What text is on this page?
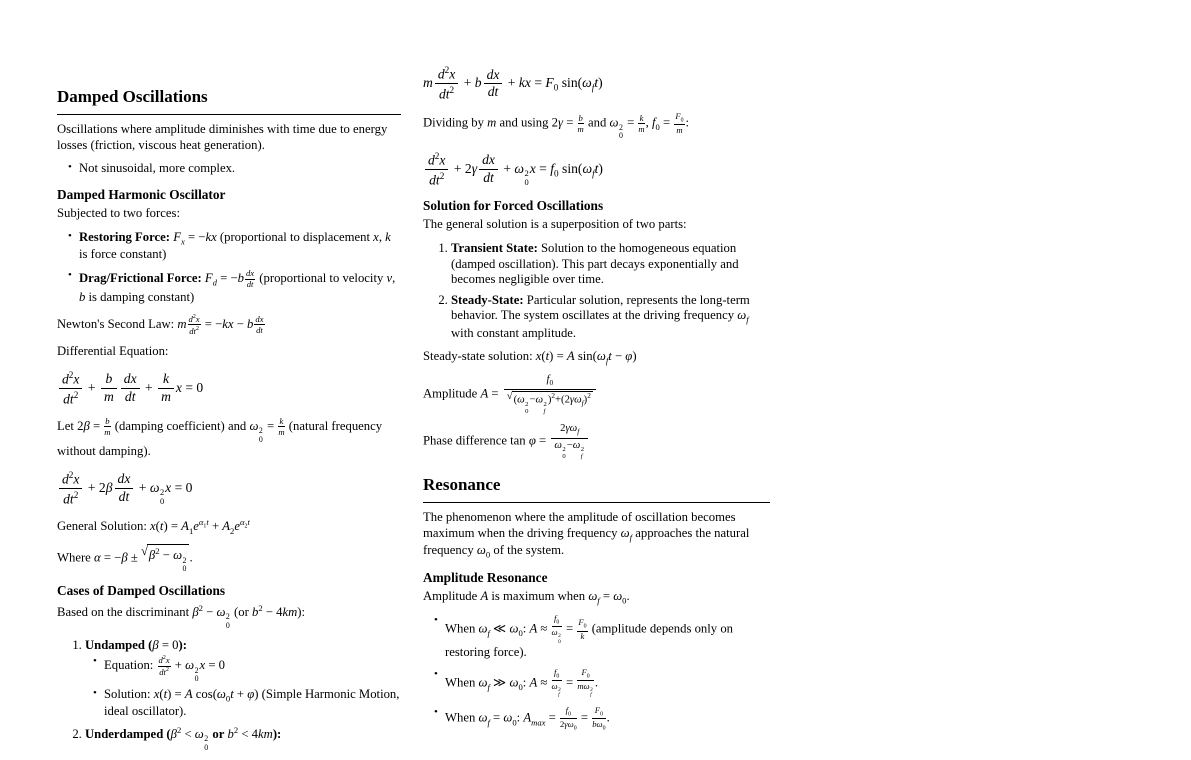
Damped Oscillations

Oscillations where amplitude diminishes with time due to energy losses (friction, viscous heat generation).

• Not sinusoidal, more complex.
Damped Harmonic Oscillator

Subjected to two forces:

• Restoring Force: $F_x = -kx$ (proportional to displacement x, k is force constant)
• Drag/Frictional Force: $F_d = -b \frac{dx}{dt}$ (proportional to velocity v, b is damping constant)

Newton's Second Law: m $\frac{d^2x}{dt^2} = -kx - b \frac{dx}{dt}$

Differential Equation:

$\frac{d^2x}{dt^2} + \frac{b}{m} \frac{dx}{dt} + \frac{k}{m}$ x = 0

Let $2\beta = \frac{b}{m}$ (damping coefficient) and ω 2
0
= $\frac{k}{m}$ (natural frequency without damping).

$\frac{d^2x}{dt^2} + 2\beta \frac{dx}{dt} + \omega$ 2
0
x = 0

General Solution: $x(t) = A_1e^{\alpha_1t} + A_2e^{\alpha_2t}$

Where α = −β ± √ $\beta^2 - \omega$ 2
0
.

Cases of Damped Oscillations

Based on the discriminant $\beta^2 - \omega$ 2
0
(or $b^2 - 4km$):

1. Undamped (β = 0):
• Equation: $\frac{d^2x}{dt^2} + \omega$ 2
0
x = 0
• Solution: x(t) = A $\cos(\omega_0t + \varphi)$ (Simple Harmonic Motion, ideal oscillator).
2. Underdamped ($\beta^2 < \omega$ 2
0
or $b^2 < 4km$):
m $\frac{d^2x}{dt^2} + b \frac{dx}{dt}$ + kx = $F_0$ $\sin(\omega_ft)$

Dividing by m and using $2\gamma = \frac{b}{m}$ and ω 2
0
= $\frac{k}{m}$ , $f_0 = \frac{F_0}{m}$ :

$\frac{d^2x}{dt^2} + 2\gamma \frac{dx}{dt} + \omega$ 2
0
$x = f_0$ $\sin(\omega_ft)$
Solution for Forced Oscillations

The general solution is a superposition of two parts:

1. Transient State: Solution to the homogeneous equation (damped oscillation). This part decays exponentially and becomes negligible over time.
2. Steady-State: Particular solution, represents the long-term behavior. The system oscillates at the driving frequency $\omega_f$ with constant amplitude.

Steady-state solution: x(t) = A $\sin(\omega_ft - \varphi)$

Amplitude A =
$f_0$
√ (ω 2
0
−ω 2
f
)$^2+(2\gamma\omega_f)^2$

Phase difference tan φ =
$2\gamma\omega_f$
ω 2
0
−ω 2
f

Resonance

The phenomenon where the amplitude of oscillation becomes maximum when the driving frequency $\omega_f$ approaches the natural frequency $\omega_0$ of the system.

Amplitude Resonance

Amplitude A is maximum when $\omega_f = \omega_0$.

• When $\omega_f$ ≪ $\omega_0$: $A \approx f_0$
ω 2
$0 = \frac{F_0}{k}$ (amplitude depends only on restoring force).
• When $\omega_f$ ≫ $\omega_0$: $A \approx f_0$
ω 2
$f = F_0$
mω 2
f .
• When $\omega_f = \omega_0$: $A_{max} = \frac{f_0}{2\gamma\omega_0} = \frac{F_0}{b\omega_0}$ .
